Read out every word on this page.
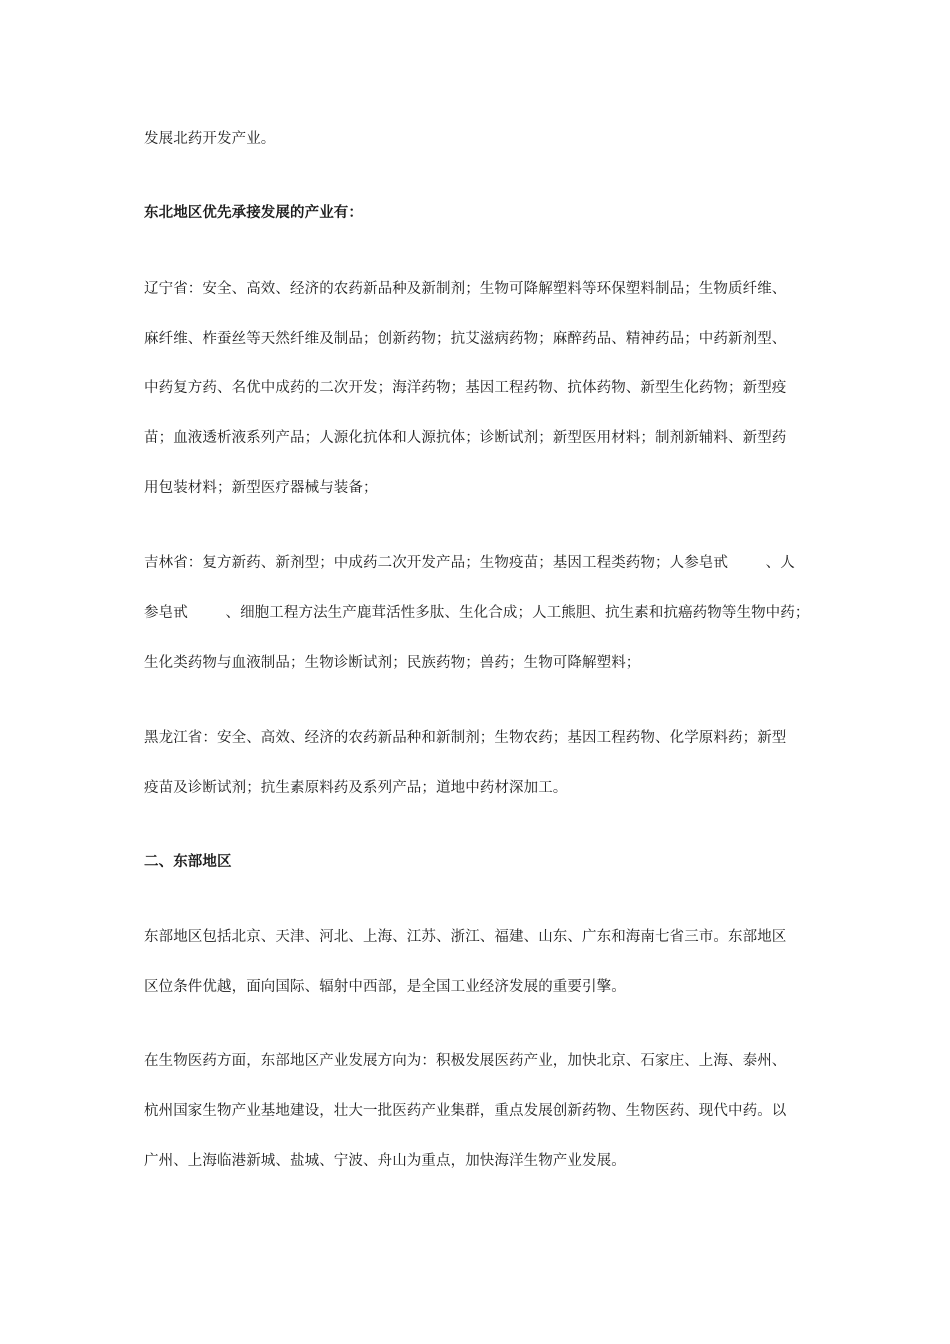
发展北药开发产业。
东北地区优先承接发展的产业有：
辽宁省：安全、高效、经济的农药新品种及新制剂；生物可降解塑料等环保塑料制品；生物质纤维、
麻纤维、柞蚕丝等天然纤维及制品；创新药物；抗艾滋病药物；麻醉药品、精神药品；中药新剂型、
中药复方药、名优中成药的二次开发；海洋药物；基因工程药物、抗体药物、新型生化药物；新型疫
苗；血液透析液系列产品；人源化抗体和人源抗体；诊断试剂；新型医用材料；制剂新辅料、新型药
用包装材料；新型医疗器械与装备；
吉林省：复方新药、新剂型；中成药二次开发产品；生物疫苗；基因工程类药物；人参皂甙        、人
参皂甙        、细胞工程方法生产鹿茸活性多肽、生化合成；人工熊胆、抗生素和抗癌药物等生物中药；
生化类药物与血液制品；生物诊断试剂；民族药物；兽药；生物可降解塑料；
黑龙江省：安全、高效、经济的农药新品种和新制剂；生物农药；基因工程药物、化学原料药；新型
疫苗及诊断试剂；抗生素原料药及系列产品；道地中药材深加工。
二、东部地区
东部地区包括北京、天津、河北、上海、江苏、浙江、福建、山东、广东和海南七省三市。东部地区
区位条件优越，面向国际、辐射中西部，是全国工业经济发展的重要引擎。
在生物医药方面，东部地区产业发展方向为：积极发展医药产业，加快北京、石家庄、上海、泰州、
杭州国家生物产业基地建设，壮大一批医药产业集群，重点发展创新药物、生物医药、现代中药。以
广州、上海临港新城、盐城、宁波、舟山为重点，加快海洋生物产业发展。
